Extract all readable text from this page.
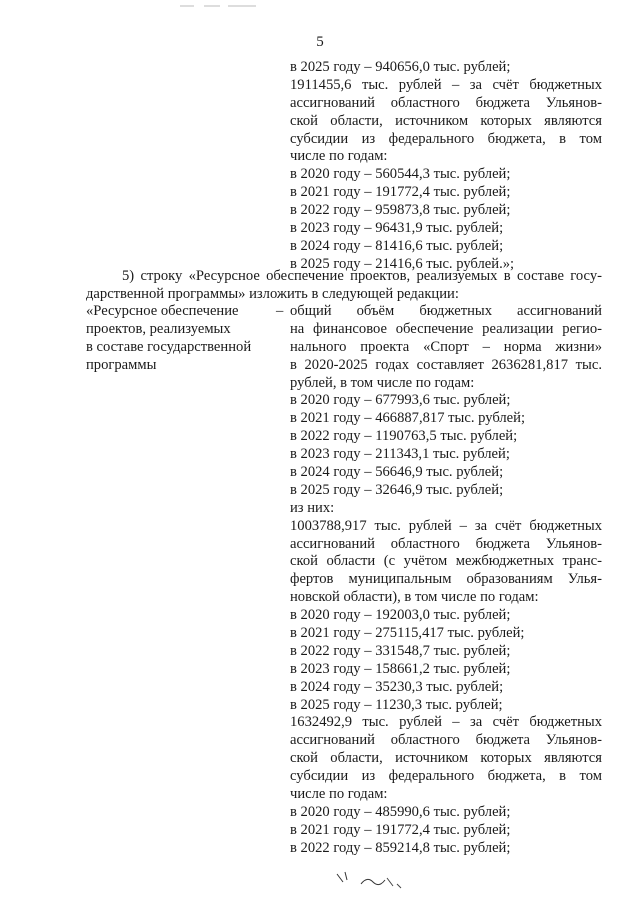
5
в 2025 году – 940656,0 тыс. рублей;
1911455,6 тыс. рублей – за счёт бюджетных
ассигнований областного бюджета Ульянов-
ской области, источником которых являются
субсидии из федерального бюджета, в том
числе по годам:
в 2020 году – 560544,3 тыс. рублей;
в 2021 году – 191772,4 тыс. рублей;
в 2022 году – 959873,8 тыс. рублей;
в 2023 году – 96431,9 тыс. рублей;
в 2024 году – 81416,6 тыс. рублей;
в 2025 году – 21416,6 тыс. рублей.»;
5) строку «Ресурсное обеспечение проектов, реализуемых в составе госу-
дарственной программы» изложить в следующей редакции:
«Ресурсное обеспечение
проектов, реализуемых
в составе государственной
программы
– общий объём бюджетных ассигнований
на финансовое обеспечение реализации регио-
нального проекта «Спорт – норма жизни»
в 2020-2025 годах составляет 2636281,817 тыс.
рублей, в том числе по годам:
в 2020 году – 677993,6 тыс. рублей;
в 2021 году – 466887,817 тыс. рублей;
в 2022 году – 1190763,5 тыс. рублей;
в 2023 году – 211343,1 тыс. рублей;
в 2024 году – 56646,9 тыс. рублей;
в 2025 году – 32646,9 тыс. рублей;
из них:
1003788,917 тыс. рублей – за счёт бюджетных
ассигнований областного бюджета Ульянов-
ской области (с учётом межбюджетных транс-
фертов муниципальным образованиям Улья-
новской области), в том числе по годам:
в 2020 году – 192003,0 тыс. рублей;
в 2021 году – 275115,417 тыс. рублей;
в 2022 году – 331548,7 тыс. рублей;
в 2023 году – 158661,2 тыс. рублей;
в 2024 году – 35230,3 тыс. рублей;
в 2025 году – 11230,3 тыс. рублей;
1632492,9 тыс. рублей – за счёт бюджетных
ассигнований областного бюджета Ульянов-
ской области, источником которых являются
субсидии из федерального бюджета, в том
числе по годам:
в 2020 году – 485990,6 тыс. рублей;
в 2021 году – 191772,4 тыс. рублей;
в 2022 году – 859214,8 тыс. рублей;
